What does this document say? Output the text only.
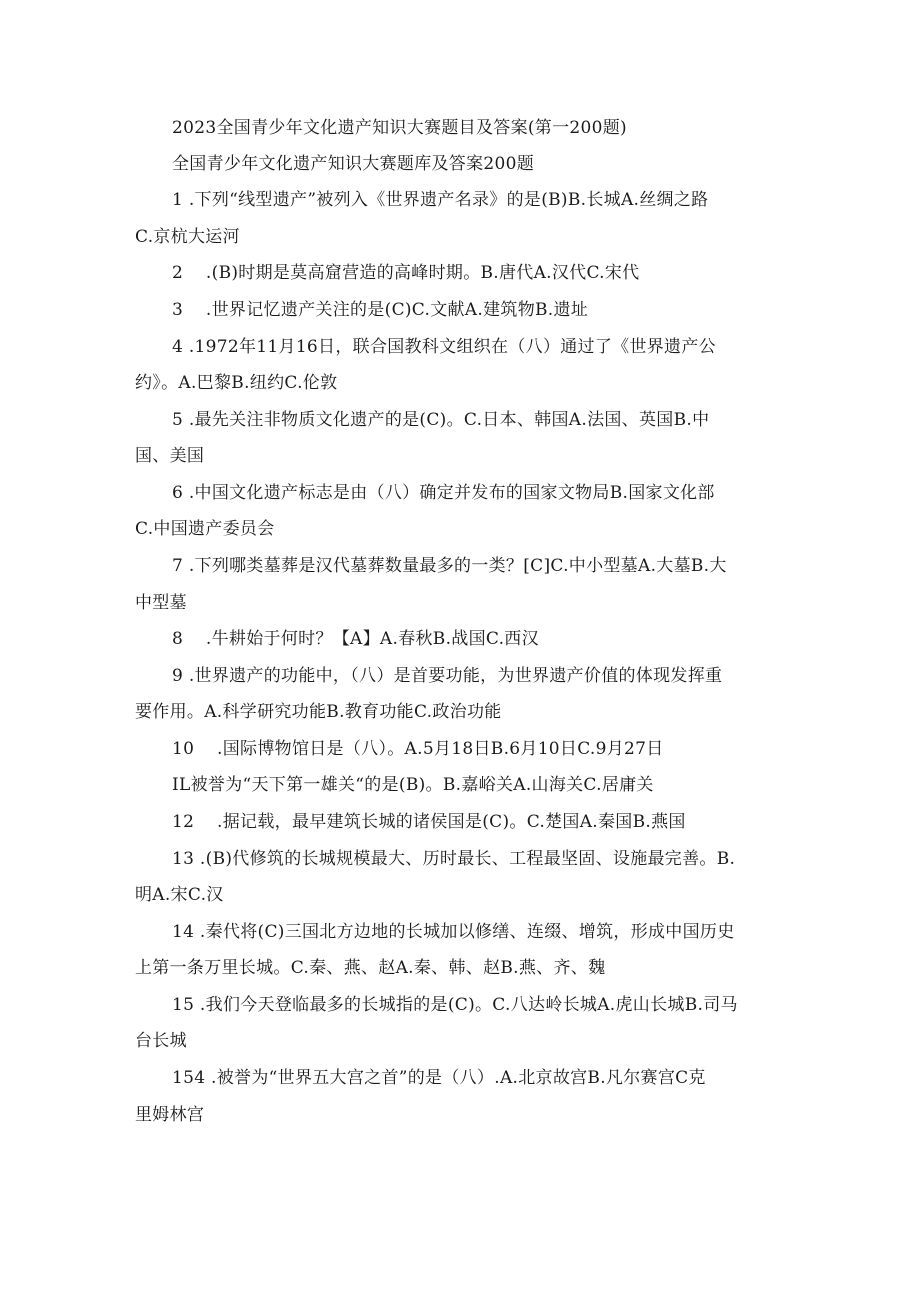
2023全国青少年文化遗产知识大赛题目及答案(第一200题)
全国青少年文化遗产知识大赛题库及答案200题
1 .下列“线型遗产”被列入《世界遗产名录》的是(B)B.长城A.丝绸之路
C.京杭大运河
2    .(B)时期是莫高窟营造的高峰时期。B.唐代A.汉代C.宋代
3    .世界记忆遗产关注的是(C)C.文献A.建筑物B.遗址
4 .1972年11月16日，联合国教科文组织在（八）通过了《世界遗产公
约》。A.巴黎B.纽约C.伦敦
5 .最先关注非物质文化遗产的是(C)。C.日本、韩国A.法国、英国B.中
国、美国
6 .中国文化遗产标志是由（八）确定并发布的国家文物局B.国家文化部
C.中国遗产委员会
7 .下列哪类墓葬是汉代墓葬数量最多的一类？[C]C.中小型墓A.大墓B.大
中型墓
8    .牛耕始于何时？【A】A.春秋B.战国C.西汉
9 .世界遗产的功能中，（八）是首要功能，为世界遗产价值的体现发挥重
要作用。A.科学研究功能B.教育功能C.政治功能
10    .国际博物馆日是（八）。A.5月18日B.6月10日C.9月27日
IL被誉为“天下第一雄关“的是(B)。B.嘉峪关A.山海关C.居庸关
12    .据记载，最早建筑长城的诸侯国是(C)。C.楚国A.秦国B.燕国
13 .(B)代修筑的长城规模最大、历时最长、工程最坚固、设施最完善。B.
明A.宋C.汉
14 .秦代将(C)三国北方边地的长城加以修缮、连缀、增筑，形成中国历史
上第一条万里长城。C.秦、燕、赵A.秦、韩、赵B.燕、齐、魏
15 .我们今天登临最多的长城指的是(C)。C.八达岭长城A.虎山长城B.司马
台长城
154 .被誉为“世界五大宫之首”的是（八）.A.北京故宫B.凡尔赛宫C克
里姆林宫
